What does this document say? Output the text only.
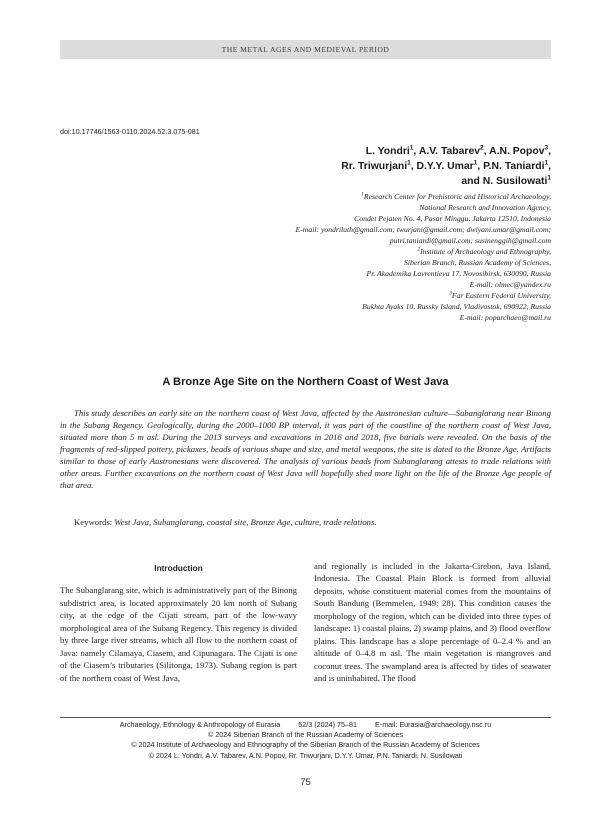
THE METAL AGES AND MEDIEVAL PERIOD
doi:10.17746/1563-0110.2024.52.3.075-081
L. Yondri$^1$, A.V. Tabarev$^2$, A.N. Popov$^3$,
Rr. Triwurjani$^1$, D.Y.Y. Umar$^1$, P.N. Taniardi$^1$,
and N. Susilowati$^1$
$^1$Research Center for Prehistoric and Historical Archaeology,
National Research and Innovation Agency,
Condet Pejaten No. 4, Pasar Minggu, Jakarta 12510, Indonesia
E-mail: yondriluth@gmail.com; twurjani@gmail.com; dwiyani.umar@gmail.com;
putri.taniardi@gmail.com; susinenggih@gmail.com
$^2$Institute of Archaeology and Ethnography,
Siberian Branch, Russian Academy of Sciences,
Pr. Akademika Lavrentieva 17, Novosibirsk, 630090, Russia
E-mail: olmec@yandex.ru
$^3$Far Eastern Federal University,
Bukhta Ayaks 10, Russky Island, Vladivostok, 690922, Russia
E-mail: poparchaeo@mail.ru
A Bronze Age Site on the Northern Coast of West Java
This study describes an early site on the northern coast of West Java, affected by the Austronesian culture—Subanglarang near Binong in the Subang Regency. Geologically, during the 2000–1000 BP interval, it was part of the coastline of the northern coast of West Java, situated more than 5 m asl. During the 2013 surveys and excavations in 2016 and 2018, five burials were revealed. On the basis of the fragments of red-slipped pottery, pickaxes, beads of various shape and size, and metal weapons, the site is dated to the Bronze Age. Artifacts similar to those of early Austronesians were discovered. The analysis of various beads from Subanglarang attests to trade relations with other areas. Further excavations on the northern coast of West Java will hopefully shed more light on the life of the Bronze Age people of that area.
Keywords: West Java, Subanglarang, coastal site, Bronze Age, culture, trade relations.
Introduction

The Subanglarang site, which is administratively part of the Binong subdistrict area, is located approximately 20 km north of Subang city, at the edge of the Cijati stream, part of the low-wavy morphological area of the Subang Regency. This regency is divided by three large river streams, which all flow to the northern coast of Java: namely Cilamaya, Ciasem, and Cipunagara. The Cijati is one of the Ciasem’s tributaries (Silitonga, 1973). Subang region is part of the northern coast of West Java,

and regionally is included in the Jakarta-Cirebon, Java Island, Indonesia. The Coastal Plain Block is formed from alluvial deposits, whose constituent material comes from the mountains of South Bandung (Bemmelen, 1949: 28). This condition causes the morphology of the region, which can be divided into three types of landscape: 1) coastal plains, 2) swamp plains, and 3) flood overflow plains. This landscape has a slope percentage of 0–2.4 % and an altitude of 0–4.8 m asl. The main vegetation is mangroves and coconut trees. The swampland area is affected by tides of seawater and is uninhabited. The flood

Archaeology, Ethnology & Anthropology of Eurasia	52/3 (2024) 75–81	E-mail: Eurasia@archaeology.nsc.ru
© 2024 Siberian Branch of the Russian Academy of Sciences
© 2024 Institute of Archaeology and Ethnography of the Siberian Branch of the Russian Academy of Sciences
© 2024 L. Yondri, A.V. Tabarev, A.N. Popov, Rr. Triwurjani, D.Y.Y. Umar, P.N. Taniardi, N. Susilowati
75
